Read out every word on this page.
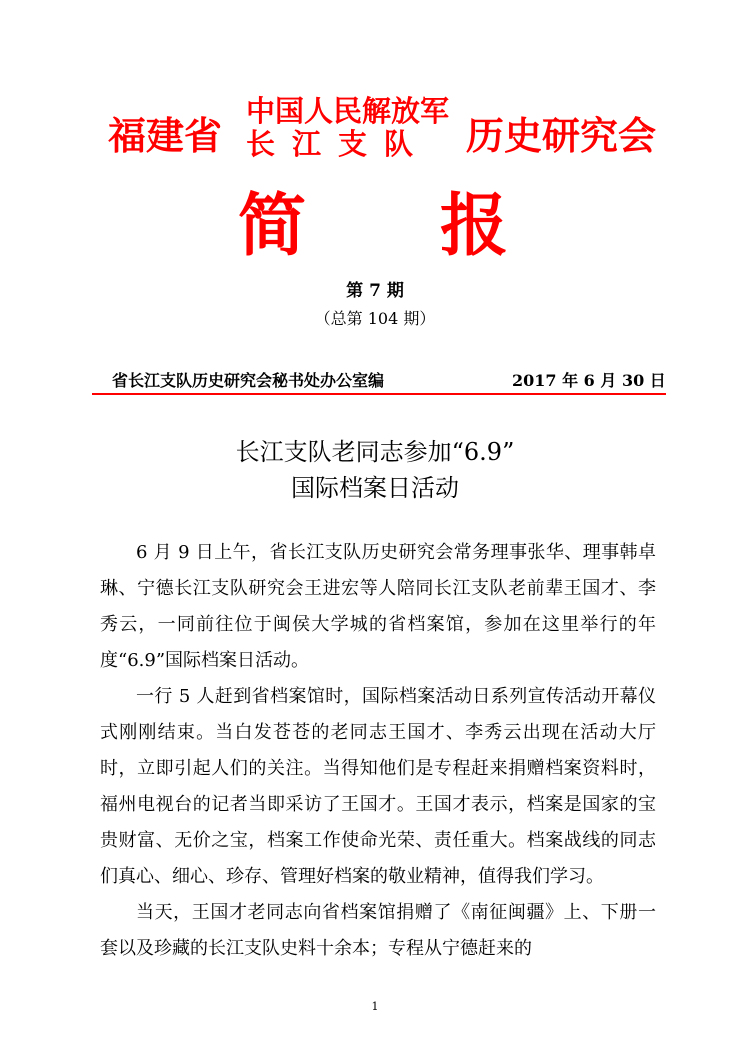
福建省
中国人民解放军
长江支队 历史研究会
简 报
第 7 期
（总第 104 期）
省长江支队历史研究会秘书处办公室编	2017 年 6 月 30 日
长江支队老同志参加“6.9”
国际档案日活动

6 月 9 日上午，省长江支队历史研究会常务理事张华、理事韩卓琳、宁德长江支队研究会王进宏等人陪同长江支队老前辈王国才、李秀云，一同前往位于闽侯大学城的省档案馆，参加在这里举行的年度“6.9”国际档案日活动。

一行 5 人赶到省档案馆时，国际档案活动日系列宣传活动开幕仪式刚刚结束。当白发苍苍的老同志王国才、李秀云出现在活动大厅时，立即引起人们的关注。当得知他们是专程赶来捐赠档案资料时，福州电视台的记者当即采访了王国才。王国才表示，档案是国家的宝贵财富、无价之宝，档案工作使命光荣、责任重大。档案战线的同志们真心、细心、珍存、管理好档案的敬业精神，值得我们学习。

当天，王国才老同志向省档案馆捐赠了《南征闽疆》上、下册一套以及珍藏的长江支队史料十余本；专程从宁德赶来的

1
